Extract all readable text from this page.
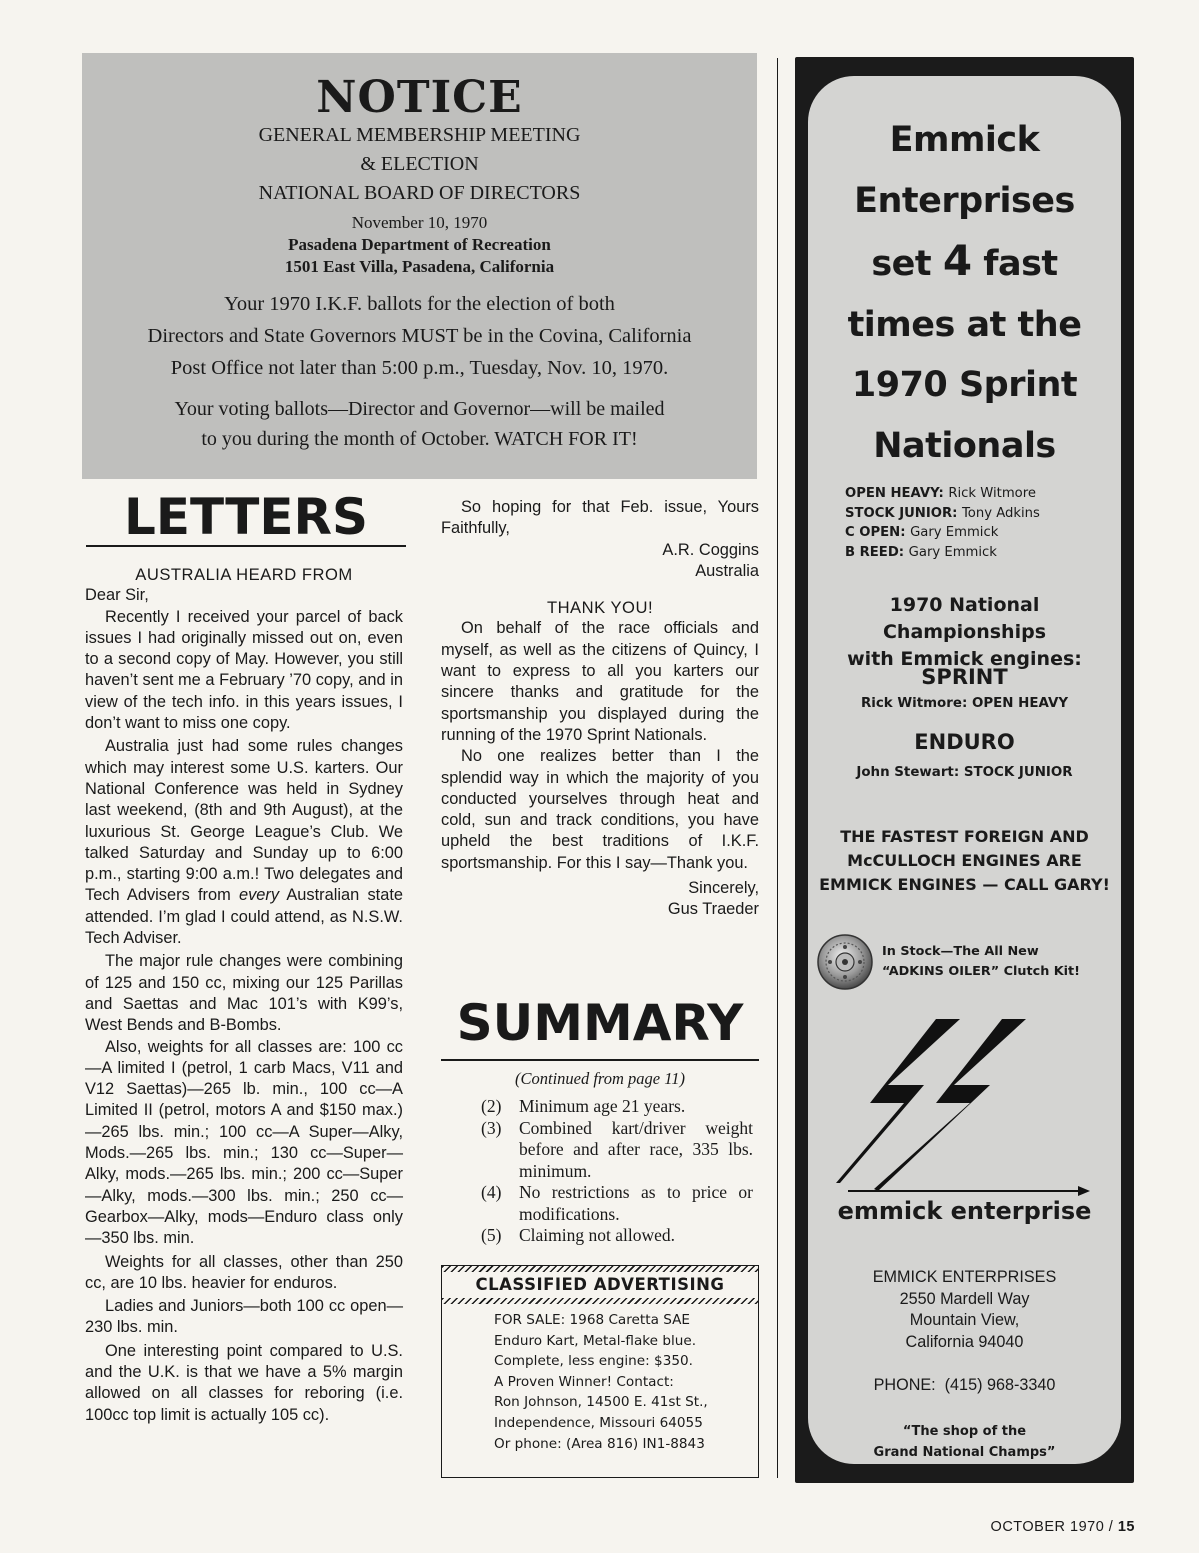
NOTICE
GENERAL MEMBERSHIP MEETING
& ELECTION
NATIONAL BOARD OF DIRECTORS
November 10, 1970
Pasadena Department of Recreation
1501 East Villa, Pasadena, California
Your 1970 I.K.F. ballots for the election of both
Directors and State Governors MUST be in the Covina, California
Post Office not later than 5:00 p.m., Tuesday, Nov. 10, 1970.
Your voting ballots—Director and Governor—will be mailed
to you during the month of October. WATCH FOR IT!
LETTERS
AUSTRALIA HEARD FROM

Dear Sir,

Recently I received your parcel of back issues I had originally missed out on, even to a second copy of May. However, you still haven’t sent me a February ’70 copy, and in view of the tech info. in this years issues, I don’t want to miss one copy.

Australia just had some rules changes which may interest some U.S. karters. Our National Conference was held in Sydney last weekend, (8th and 9th August), at the luxurious St. George League’s Club. We talked Saturday and Sunday up to 6:00 p.m., starting 9:00 a.m.! Two delegates and Tech Advisers from every Australian state attended. I’m glad I could attend, as N.S.W. Tech Adviser.

The major rule changes were combining of 125 and 150 cc, mixing our 125 Parillas and Saettas and Mac 101’s with K99’s, West Bends and B-Bombs.

Also, weights for all classes are: 100 cc—A limited I (petrol, 1 carb Macs, V11 and V12 Saettas)—265 lb. min., 100 cc—A Limited II (petrol, motors A and $150 max.)—265 lbs. min.; 100 cc—A Super—Alky, Mods.—265 lbs. min.; 130 cc—Super—Alky, mods.—265 lbs. min.; 200 cc—Super—Alky, mods.—300 lbs. min.; 250 cc—Gearbox—Alky, mods—Enduro class only—350 lbs. min.

Weights for all classes, other than 250 cc, are 10 lbs. heavier for enduros.

Ladies and Juniors—both 100 cc open—230 lbs. min.

One interesting point compared to U.S. and the U.K. is that we have a 5% margin allowed on all classes for reboring (i.e. 100cc top limit is actually 105 cc).

So hoping for that Feb. issue, Yours Faithfully,

A.R. Coggins
Australia
THANK YOU!

On behalf of the race officials and myself, as well as the citizens of Quincy, I want to express to all you karters our sincere thanks and gratitude for the sportsmanship you displayed during the running of the 1970 Sprint Nationals.

No one realizes better than I the splendid way in which the majority of you conducted yourselves through heat and cold, sun and track conditions, you have upheld the best traditions of I.K.F. sportsmanship. For this I say—Thank you.

Sincerely,
Gus Traeder
SUMMARY
(Continued from page 11)
(2)	Minimum age 21 years.
(3)	Combined kart/driver weight before and after race, 335 lbs. minimum.
(4)	No restrictions as to price or modifications.
(5)	Claiming not allowed.
CLASSIFIED ADVERTISING
FOR SALE: 1968 Caretta SAE
Enduro Kart, Metal-flake blue.
Complete, less engine: $350.
A Proven Winner! Contact:
Ron Johnson, 14500 E. 41st St.,
Independence, Missouri 64055
Or phone: (Area 816) IN1-8843
Emmick
Enterprises
set 4 fast
times at the
1970 Sprint
Nationals
OPEN HEAVY: Rick Witmore
STOCK JUNIOR: Tony Adkins
C OPEN: Gary Emmick
B REED: Gary Emmick
1970 National Championships
with Emmick engines:
SPRINT
Rick Witmore: OPEN HEAVY
ENDURO
John Stewart: STOCK JUNIOR
THE FASTEST FOREIGN AND
McCULLOCH ENGINES ARE
EMMICK ENGINES — CALL GARY!
In Stock—The All New
“ADKINS OILER” Clutch Kit!
emmick enterprise
EMMICK ENTERPRISES
2550 Mardell Way
Mountain View,
California 94040
PHONE:  (415) 968-3340
“The shop of the
Grand National Champs”
OCTOBER 1970 / 15
